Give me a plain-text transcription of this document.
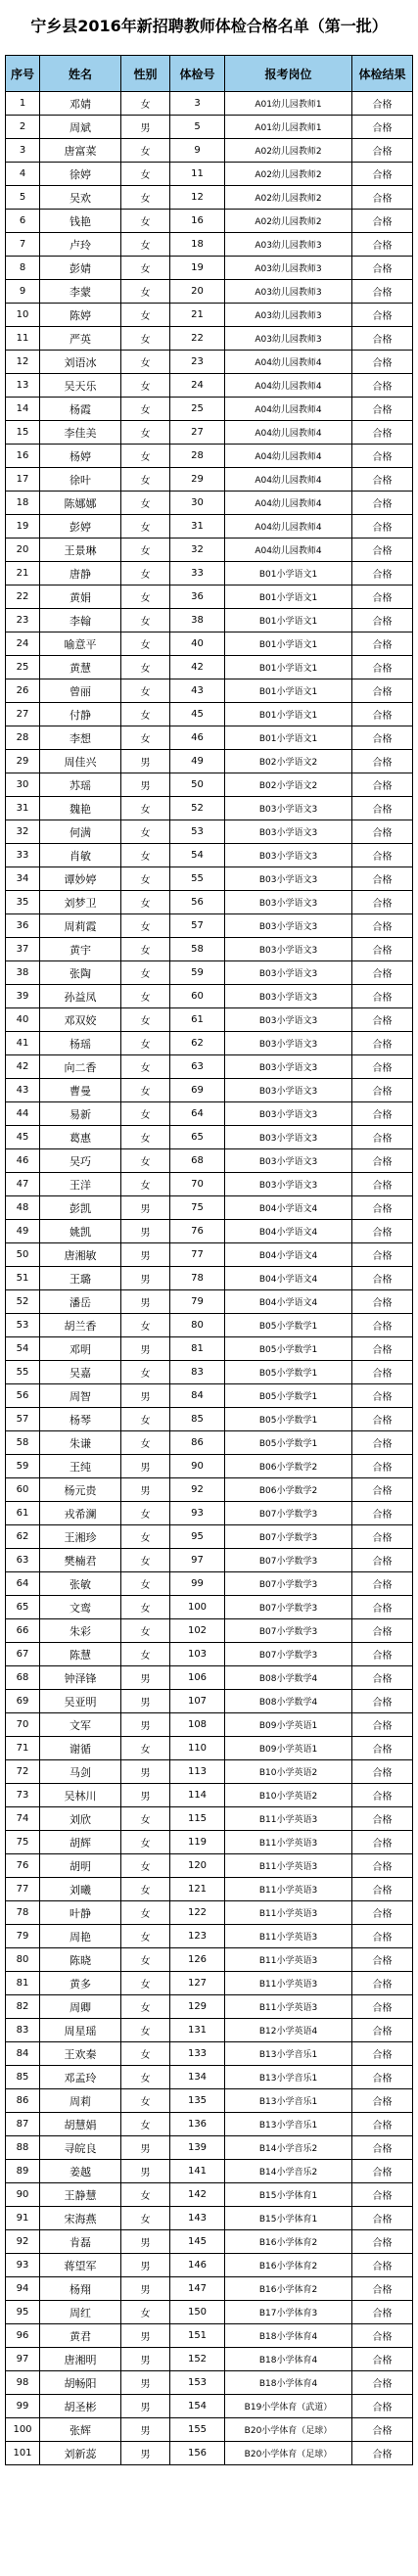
宁乡县2016年新招聘教师体检合格名单（第一批）
序号	姓名	性别	体检号	报考岗位	体检结果
1	邓婧	女	3	A01幼儿园教师1	合格
2	周斌	男	5	A01幼儿园教师1	合格
3	唐富菜	女	9	A02幼儿园教师2	合格
4	徐婷	女	11	A02幼儿园教师2	合格
5	吴欢	女	12	A02幼儿园教师2	合格
6	钱艳	女	16	A02幼儿园教师2	合格
7	卢玲	女	18	A03幼儿园教师3	合格
8	彭婧	女	19	A03幼儿园教师3	合格
9	李蒙	女	20	A03幼儿园教师3	合格
10	陈婷	女	21	A03幼儿园教师3	合格
11	严英	女	22	A03幼儿园教师3	合格
12	刘语冰	女	23	A04幼儿园教师4	合格
13	吴天乐	女	24	A04幼儿园教师4	合格
14	杨霞	女	25	A04幼儿园教师4	合格
15	李佳美	女	27	A04幼儿园教师4	合格
16	杨婷	女	28	A04幼儿园教师4	合格
17	徐叶	女	29	A04幼儿园教师4	合格
18	陈娜娜	女	30	A04幼儿园教师4	合格
19	彭婷	女	31	A04幼儿园教师4	合格
20	王景琳	女	32	A04幼儿园教师4	合格
21	唐静	女	33	B01小学语文1	合格
22	黄娟	女	36	B01小学语文1	合格
23	李翰	女	38	B01小学语文1	合格
24	喻意平	女	40	B01小学语文1	合格
25	黄慧	女	42	B01小学语文1	合格
26	曾丽	女	43	B01小学语文1	合格
27	付静	女	45	B01小学语文1	合格
28	李想	女	46	B01小学语文1	合格
29	周佳兴	男	49	B02小学语文2	合格
30	苏瑶	男	50	B02小学语文2	合格
31	魏艳	女	52	B03小学语文3	合格
32	何满	女	53	B03小学语文3	合格
33	肖敏	女	54	B03小学语文3	合格
34	谭妙婷	女	55	B03小学语文3	合格
35	刘梦卫	女	56	B03小学语文3	合格
36	周莉霞	女	57	B03小学语文3	合格
37	黄宇	女	58	B03小学语文3	合格
38	张陶	女	59	B03小学语文3	合格
39	孙益凤	女	60	B03小学语文3	合格
40	邓双姣	女	61	B03小学语文3	合格
41	杨瑶	女	62	B03小学语文3	合格
42	向二香	女	63	B03小学语文3	合格
43	曹曼	女	69	B03小学语文3	合格
44	易新	女	64	B03小学语文3	合格
45	葛惠	女	65	B03小学语文3	合格
46	吴巧	女	68	B03小学语文3	合格
47	王洋	女	70	B03小学语文3	合格
48	彭凯	男	75	B04小学语文4	合格
49	姚凯	男	76	B04小学语文4	合格
50	唐湘敏	男	77	B04小学语文4	合格
51	王璐	男	78	B04小学语文4	合格
52	潘岳	男	79	B04小学语文4	合格
53	胡兰香	女	80	B05小学数学1	合格
54	邓明	男	81	B05小学数学1	合格
55	吴嘉	女	83	B05小学数学1	合格
56	周智	男	84	B05小学数学1	合格
57	杨琴	女	85	B05小学数学1	合格
58	朱谦	女	86	B05小学数学1	合格
59	王纯	男	90	B06小学数学2	合格
60	杨元贵	男	92	B06小学数学2	合格
61	戎希澜	女	93	B07小学数学3	合格
62	王湘珍	女	95	B07小学数学3	合格
63	樊楠君	女	97	B07小学数学3	合格
64	张敏	女	99	B07小学数学3	合格
65	文鸾	女	100	B07小学数学3	合格
66	朱彩	女	102	B07小学数学3	合格
67	陈慧	女	103	B07小学数学3	合格
68	钟泽锋	男	106	B08小学数学4	合格
69	吴亚明	男	107	B08小学数学4	合格
70	文军	男	108	B09小学英语1	合格
71	谢循	女	110	B09小学英语1	合格
72	马剑	男	113	B10小学英语2	合格
73	吴林川	男	114	B10小学英语2	合格
74	刘欣	女	115	B11小学英语3	合格
75	胡辉	女	119	B11小学英语3	合格
76	胡明	女	120	B11小学英语3	合格
77	刘曦	女	121	B11小学英语3	合格
78	叶静	女	122	B11小学英语3	合格
79	周艳	女	123	B11小学英语3	合格
80	陈晓	女	126	B11小学英语3	合格
81	黄多	女	127	B11小学英语3	合格
82	周卿	女	129	B11小学英语3	合格
83	周星瑶	女	131	B12小学英语4	合格
84	王欢秦	女	133	B13小学音乐1	合格
85	邓孟玲	女	134	B13小学音乐1	合格
86	周莉	女	135	B13小学音乐1	合格
87	胡慧娟	女	136	B13小学音乐1	合格
88	寻皖良	男	139	B14小学音乐2	合格
89	姜越	男	141	B14小学音乐2	合格
90	王静慧	女	142	B15小学体育1	合格
91	宋海燕	女	143	B15小学体育1	合格
92	肯磊	男	145	B16小学体育2	合格
93	蒋望军	男	146	B16小学体育2	合格
94	杨翔	男	147	B16小学体育2	合格
95	周红	女	150	B17小学体育3	合格
96	黄君	男	151	B18小学体育4	合格
97	唐湘明	男	152	B18小学体育4	合格
98	胡畅阳	男	153	B18小学体育4	合格
99	胡圣彬	男	154	B19小学体育（武道）	合格
100	张辉	男	155	B20小学体育（足球）	合格
101	刘新蕊	男	156	B20小学体育（足球）	合格
